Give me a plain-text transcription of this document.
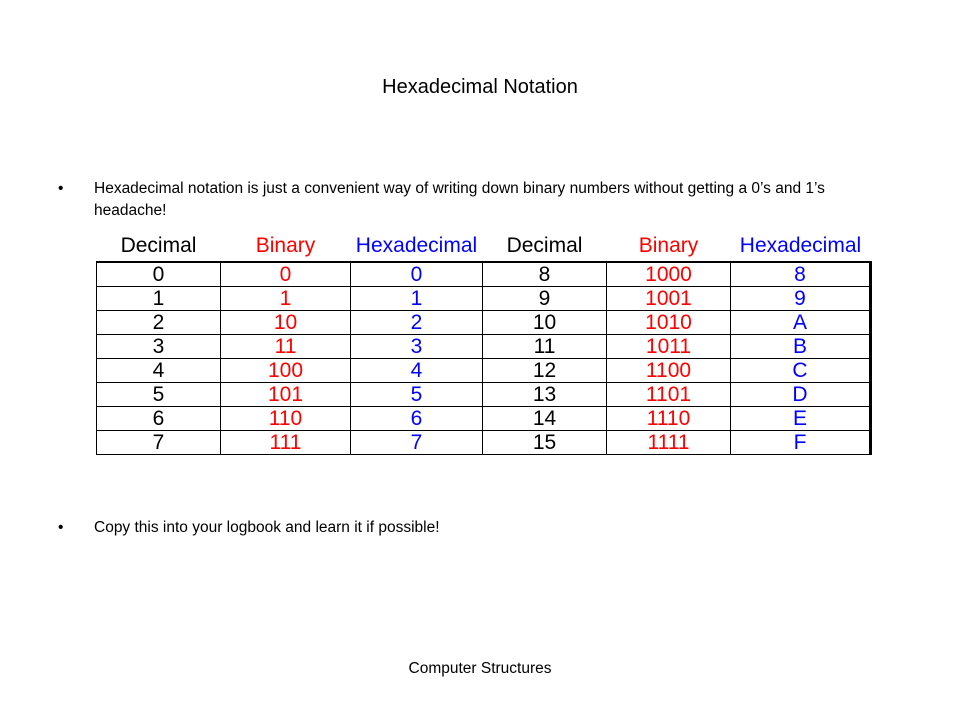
Hexadecimal Notation
•	Hexadecimal notation is just a convenient way of writing down binary numbers without getting a 0’s and 1’s headache!
Decimal	Binary	Hexadecimal	Decimal	Binary	Hexadecimal
0	0	0	8	1000	8
1	1	1	9	1001	9
2	10	2	10	1010	A
3	11	3	11	1011	B
4	100	4	12	1100	C
5	101	5	13	1101	D
6	110	6	14	1110	E
7	111	7	15	1111	F
•	Copy this into your logbook and learn it if possible!
Computer Structures
